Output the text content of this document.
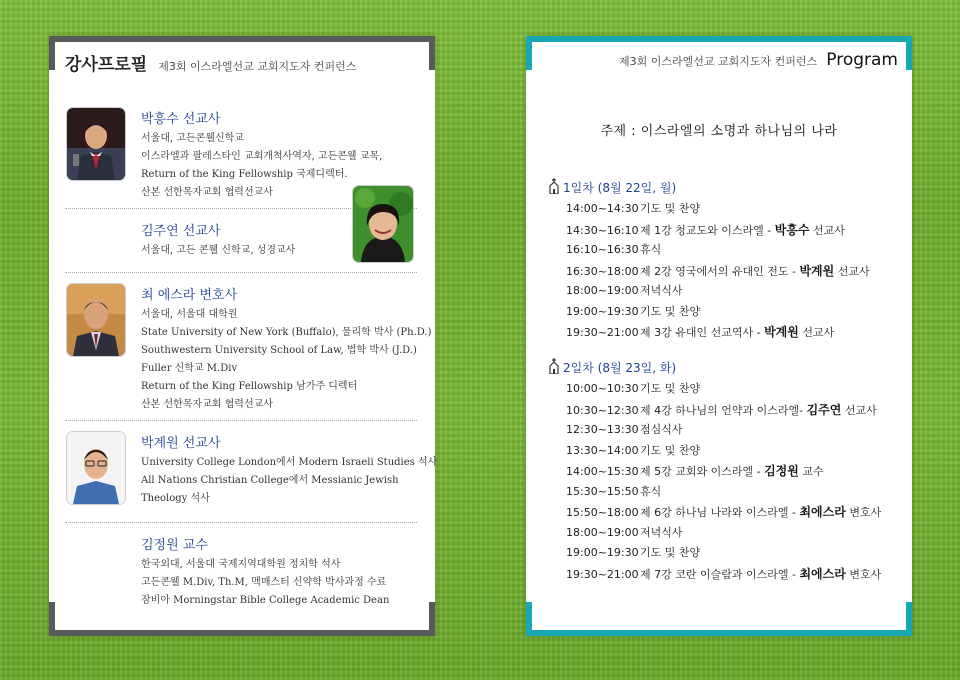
강사프로필 제3회 이스라엘선교 교회지도자 컨퍼런스
박흥수 선교사
서울대, 고든콘웰신학교
이스라엘과 팔레스타인 교회개척사역자, 고든콘웰 교목,
Return of the King Fellowship 국제디렉터.
산본 선한목자교회 협력선교사
김주연 선교사
서울대, 고든 콘웰 신학교, 성경교사
최 에스라 변호사
서울대, 서울대 대학원
State University of New York (Buffalo), 물리학 박사 (Ph.D.)
Southwestern University School of Law, 법학 박사 (J.D.)
Fuller 신학교 M.Div
Return of the King Fellowship 남가주 디렉터
산본 선한목자교회 협력선교사
박계원 선교사
University College London에서 Modern Israeli Studies 석사
All Nations Christian College에서 Messianic Jewish
Theology 석사
김정원 교수
한국외대, 서울대 국제지역대학원 정치학 석사
고든콘웰 M.Div, Th.M, 맥매스터 신약학 박사과정 수료
잠비아 Morningstar Bible College Academic Dean
제3회 이스라엘선교 교회지도자 컨퍼런스 Program
주제 : 이스라엘의 소명과 하나님의 나라
1일차 (8월 22일, 월)
14:00~14:30기도 및 찬양
14:30~16:10제 1강 청교도와 이스라엘 - 박흥수 선교사
16:10~16:30휴식
16:30~18:00제 2강 영국에서의 유대인 전도 - 박계원 선교사
18:00~19:00저녁식사
19:00~19:30기도 및 찬양
19:30~21:00제 3강 유대인 선교역사 - 박계원 선교사
2일차 (8월 23일, 화)
10:00~10:30기도 및 찬양
10:30~12:30제 4강 하나님의 언약과 이스라엘- 김주연 선교사
12:30~13:30점심식사
13:30~14:00기도 및 찬양
14:00~15:30제 5강 교회와 이스라엘 - 김정원 교수
15:30~15:50휴식
15:50~18:00제 6강 하나님 나라와 이스라엘 - 최에스라 변호사
18:00~19:00저녁식사
19:00~19:30기도 및 찬양
19:30~21:00제 7강 코란 이슬람과 이스라엘 - 최에스라 변호사
